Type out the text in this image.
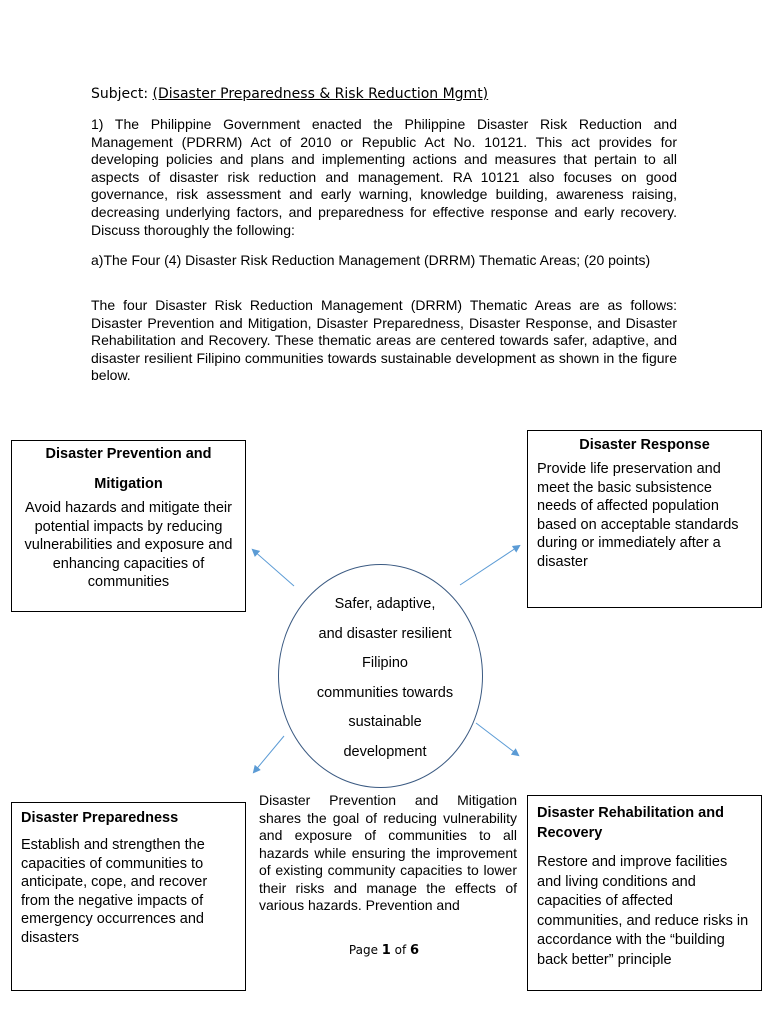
Subject: (Disaster Preparedness & Risk Reduction Mgmt)

1) The Philippine Government enacted the Philippine Disaster Risk Reduction and Management (PDRRM) Act of 2010 or Republic Act No. 10121. This act provides for developing policies and plans and implementing actions and measures that pertain to all aspects of disaster risk reduction and management. RA 10121 also focuses on good governance, risk assessment and early warning, knowledge building, awareness raising, decreasing underlying factors, and preparedness for effective response and early recovery. Discuss thoroughly the following:

a)The Four (4) Disaster Risk Reduction Management (DRRM) Thematic Areas; (20 points)

The four Disaster Risk Reduction Management (DRRM) Thematic Areas are as follows: Disaster Prevention and Mitigation, Disaster Preparedness, Disaster Response, and Disaster Rehabilitation and Recovery. These thematic areas are centered towards safer, adaptive, and disaster resilient Filipino communities towards sustainable development as shown in the figure below.

Disaster Prevention and
Mitigation
Avoid hazards and mitigate their potential impacts by reducing vulnerabilities and exposure and enhancing capacities of communities
Disaster Response
Provide life preservation and meet the basic subsistence needs of affected population based on acceptable standards during or immediately after a disaster
Safer, adaptive,
and disaster resilient
Filipino
communities towards
sustainable
development
Disaster Preparedness
Establish and strengthen the capacities of communities to anticipate, cope, and recover from the negative impacts of emergency occurrences and disasters
Disaster Rehabilitation and Recovery
Restore and improve facilities and living conditions and capacities of affected communities, and reduce risks in accordance with the “building back better” principle

Disaster Prevention and Mitigation shares the goal of reducing vulnerability and exposure of communities to all hazards while ensuring the improvement of existing community capacities to lower their risks and manage the effects of various hazards. Prevention and

Page 1 of 6
